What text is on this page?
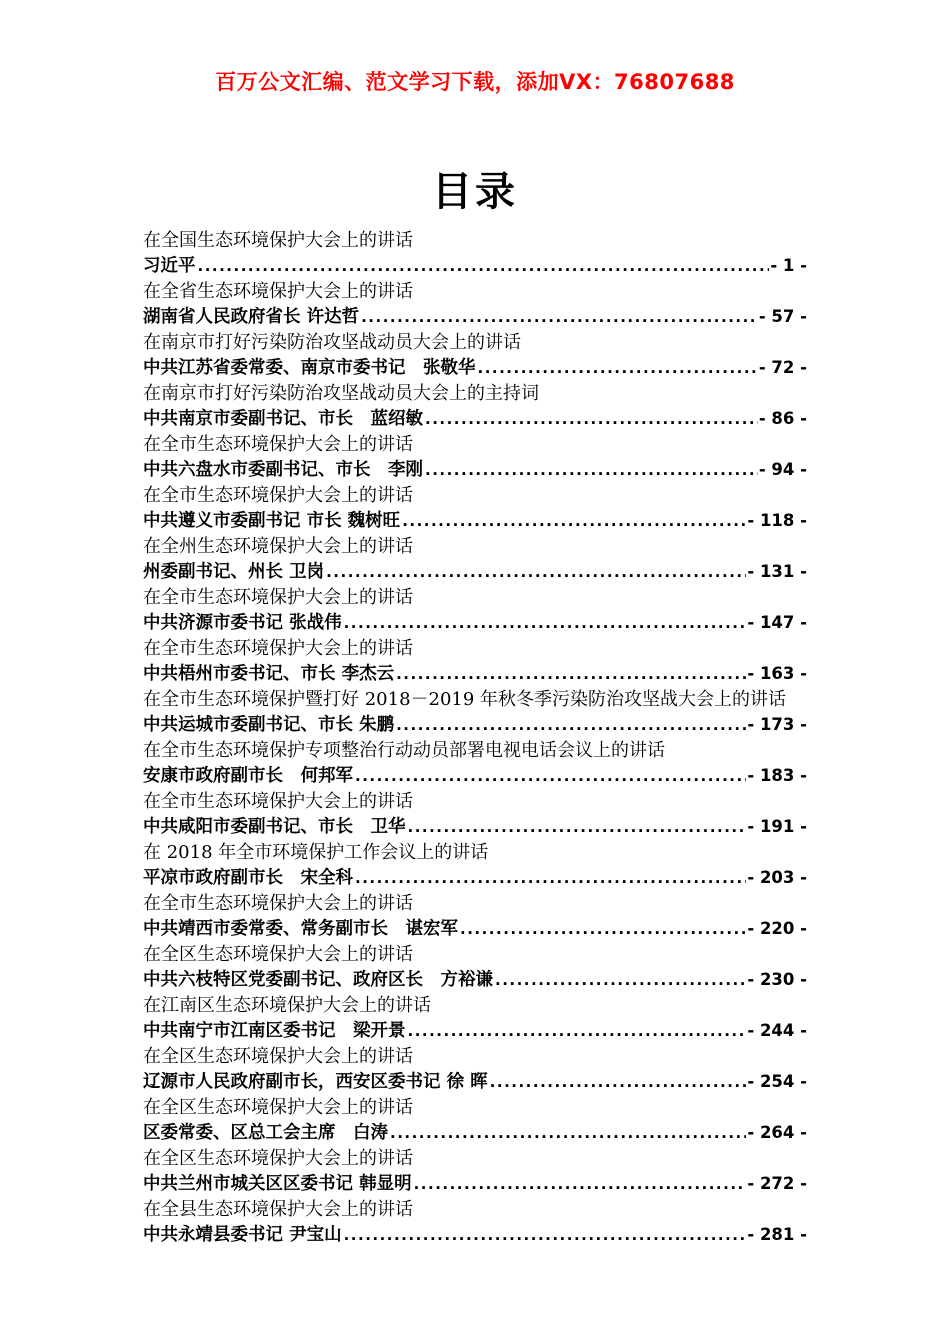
百万公文汇编、范文学习下载，添加VX：76807688
目录
在全国生态环境保护大会上的讲话
习近平 .....	- 1 -
在全省生态环境保护大会上的讲话
湖南省人民政府省长 许达哲 .....	- 57 -
在南京市打好污染防治攻坚战动员大会上的讲话
中共江苏省委常委、南京市委书记　张敬华 .....	- 72 -
在南京市打好污染防治攻坚战动员大会上的主持词
中共南京市委副书记、市长　蓝绍敏 .....	- 86 -
在全市生态环境保护大会上的讲话
中共六盘水市委副书记、市长　李刚 .....	- 94 -
在全市生态环境保护大会上的讲话
中共遵义市委副书记 市长 魏树旺 .....	- 118 -
在全州生态环境保护大会上的讲话
州委副书记、州长 卫岗 .....	- 131 -
在全市生态环境保护大会上的讲话
中共济源市委书记 张战伟 .....	- 147 -
在全市生态环境保护大会上的讲话
中共梧州市委书记、市长 李杰云 .....	- 163 -
在全市生态环境保护暨打好 2018－2019 年秋冬季污染防治攻坚战大会上的讲话
中共运城市委副书记、市长 朱鹏 .....	- 173 -
在全市生态环境保护专项整治行动动员部署电视电话会议上的讲话
安康市政府副市长　何邦军 .....	- 183 -
在全市生态环境保护大会上的讲话
中共咸阳市委副书记、市长　卫华 .....	- 191 -
在 2018 年全市环境保护工作会议上的讲话
平凉市政府副市长　宋全科 .....	- 203 -
在全市生态环境保护大会上的讲话
中共靖西市委常委、常务副市长　谌宏军 .....	- 220 -
在全区生态环境保护大会上的讲话
中共六枝特区党委副书记、政府区长　方裕谦 .....	- 230 -
在江南区生态环境保护大会上的讲话
中共南宁市江南区委书记　梁开景 .....	- 244 -
在全区生态环境保护大会上的讲话
辽源市人民政府副市长，西安区委书记 徐 晖 .....	- 254 -
在全区生态环境保护大会上的讲话
区委常委、区总工会主席　白涛 .....	- 264 -
在全区生态环境保护大会上的讲话
中共兰州市城关区区委书记 韩显明 .....	- 272 -
在全县生态环境保护大会上的讲话
中共永靖县委书记 尹宝山 .....	- 281 -
